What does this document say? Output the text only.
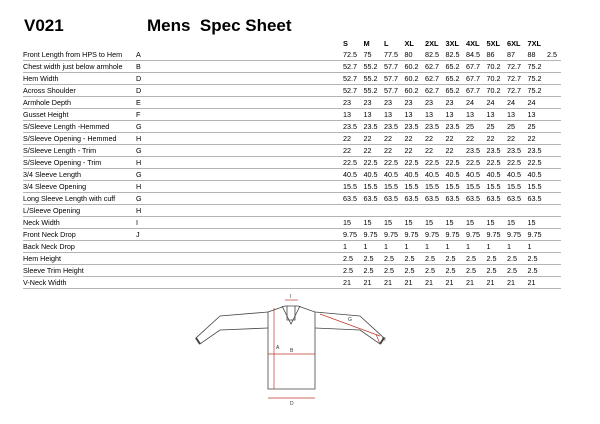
V021	Mens  Spec Sheet
		S	M	L	XL	2XL	3XL	4XL	5XL	6XL	7XL	
Front Length from HPS to Hem	A	72.5	75	77.5	80	82.5	82.5	84.5	86	87	88	2.5
Chest width just below armhole	B	52.7	55.2	57.7	60.2	62.7	65.2	67.7	70.2	72.7	75.2	
Hem Width	D	52.7	55.2	57.7	60.2	62.7	65.2	67.7	70.2	72.7	75.2	
Across Shoulder	D	52.7	55.2	57.7	60.2	62.7	65.2	67.7	70.2	72.7	75.2	
Armhole Depth	E	23	23	23	23	23	23	24	24	24	24	
Gusset Height	F	13	13	13	13	13	13	13	13	13	13	
S/Sleeve Length -Hemmed	G	23.5	23.5	23.5	23.5	23.5	23.5	25	25	25	25	
S/Sleeve Opening - Hemmed	H	22	22	22	22	22	22	22	22	22	22	
S/Sleeve Length - Trim	G	22	22	22	22	22	22	23.5	23.5	23.5	23.5	
S/Sleeve Opening - Trim	H	22.5	22.5	22.5	22.5	22.5	22.5	22.5	22.5	22.5	22.5	
3/4 Sleeve Length	G	40.5	40.5	40.5	40.5	40.5	40.5	40.5	40.5	40.5	40.5	
3/4 Sleeve Opening	H	15.5	15.5	15.5	15.5	15.5	15.5	15.5	15.5	15.5	15.5	
Long Sleeve Length with cuff	G	63.5	63.5	63.5	63.5	63.5	63.5	63.5	63.5	63.5	63.5	
L/Sleeve Opening	H											
Neck Width	I	15	15	15	15	15	15	15	15	15	15	
Front Neck Drop	J	9.75	9.75	9.75	9.75	9.75	9.75	9.75	9.75	9.75	9.75	
Back Neck Drop		1	1	1	1	1	1	1	1	1	1	
Hem Height		2.5	2.5	2.5	2.5	2.5	2.5	2.5	2.5	2.5	2.5	
Sleeve Trim Height		2.5	2.5	2.5	2.5	2.5	2.5	2.5	2.5	2.5	2.5	
V-Neck Width		21	21	21	21	21	21	21	21	21	21	
I
A B
D
G
H
